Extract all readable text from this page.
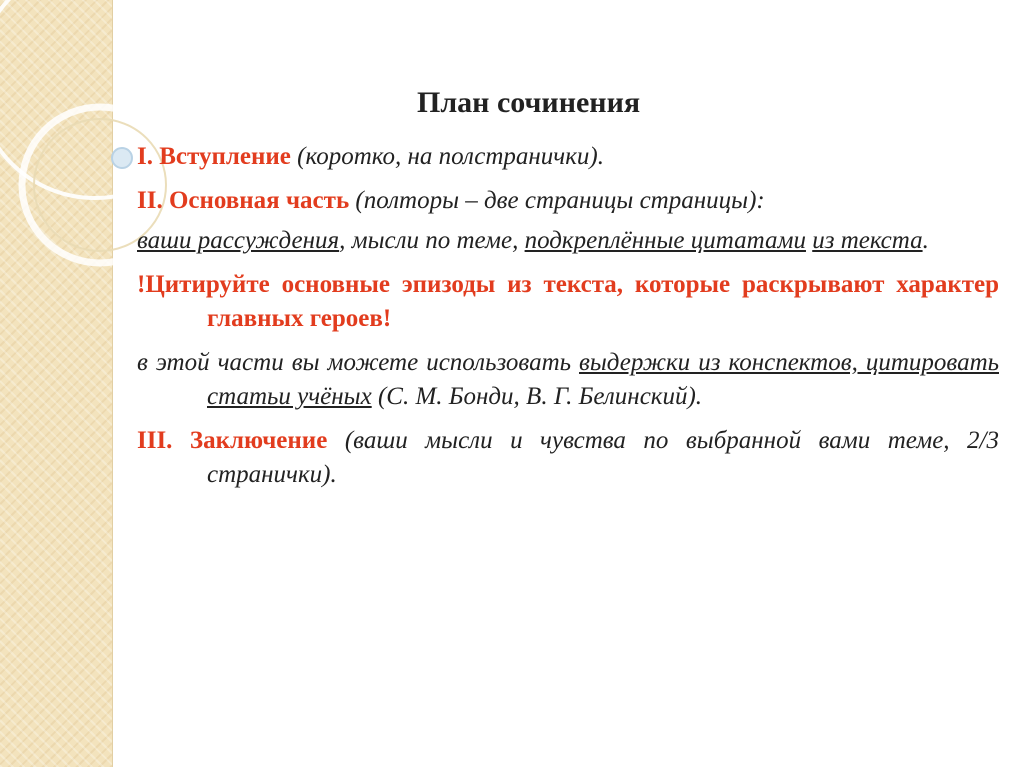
План сочинения

I. Вступление (коротко, на полстранички).

II. Основная часть (полторы – две страницы страницы):

ваши рассуждения, мысли по теме, подкреплённые цитатами из текста.

!Цитируйте основные эпизоды из текста, которые раскрывают характер главных героев!

в этой части вы можете использовать выдержки из конспектов, цитировать статьи учёных (С. М. Бонди, В. Г. Белинский).

III. Заключение (ваши мысли и чувства по выбранной вами теме, 2/3 странички).
